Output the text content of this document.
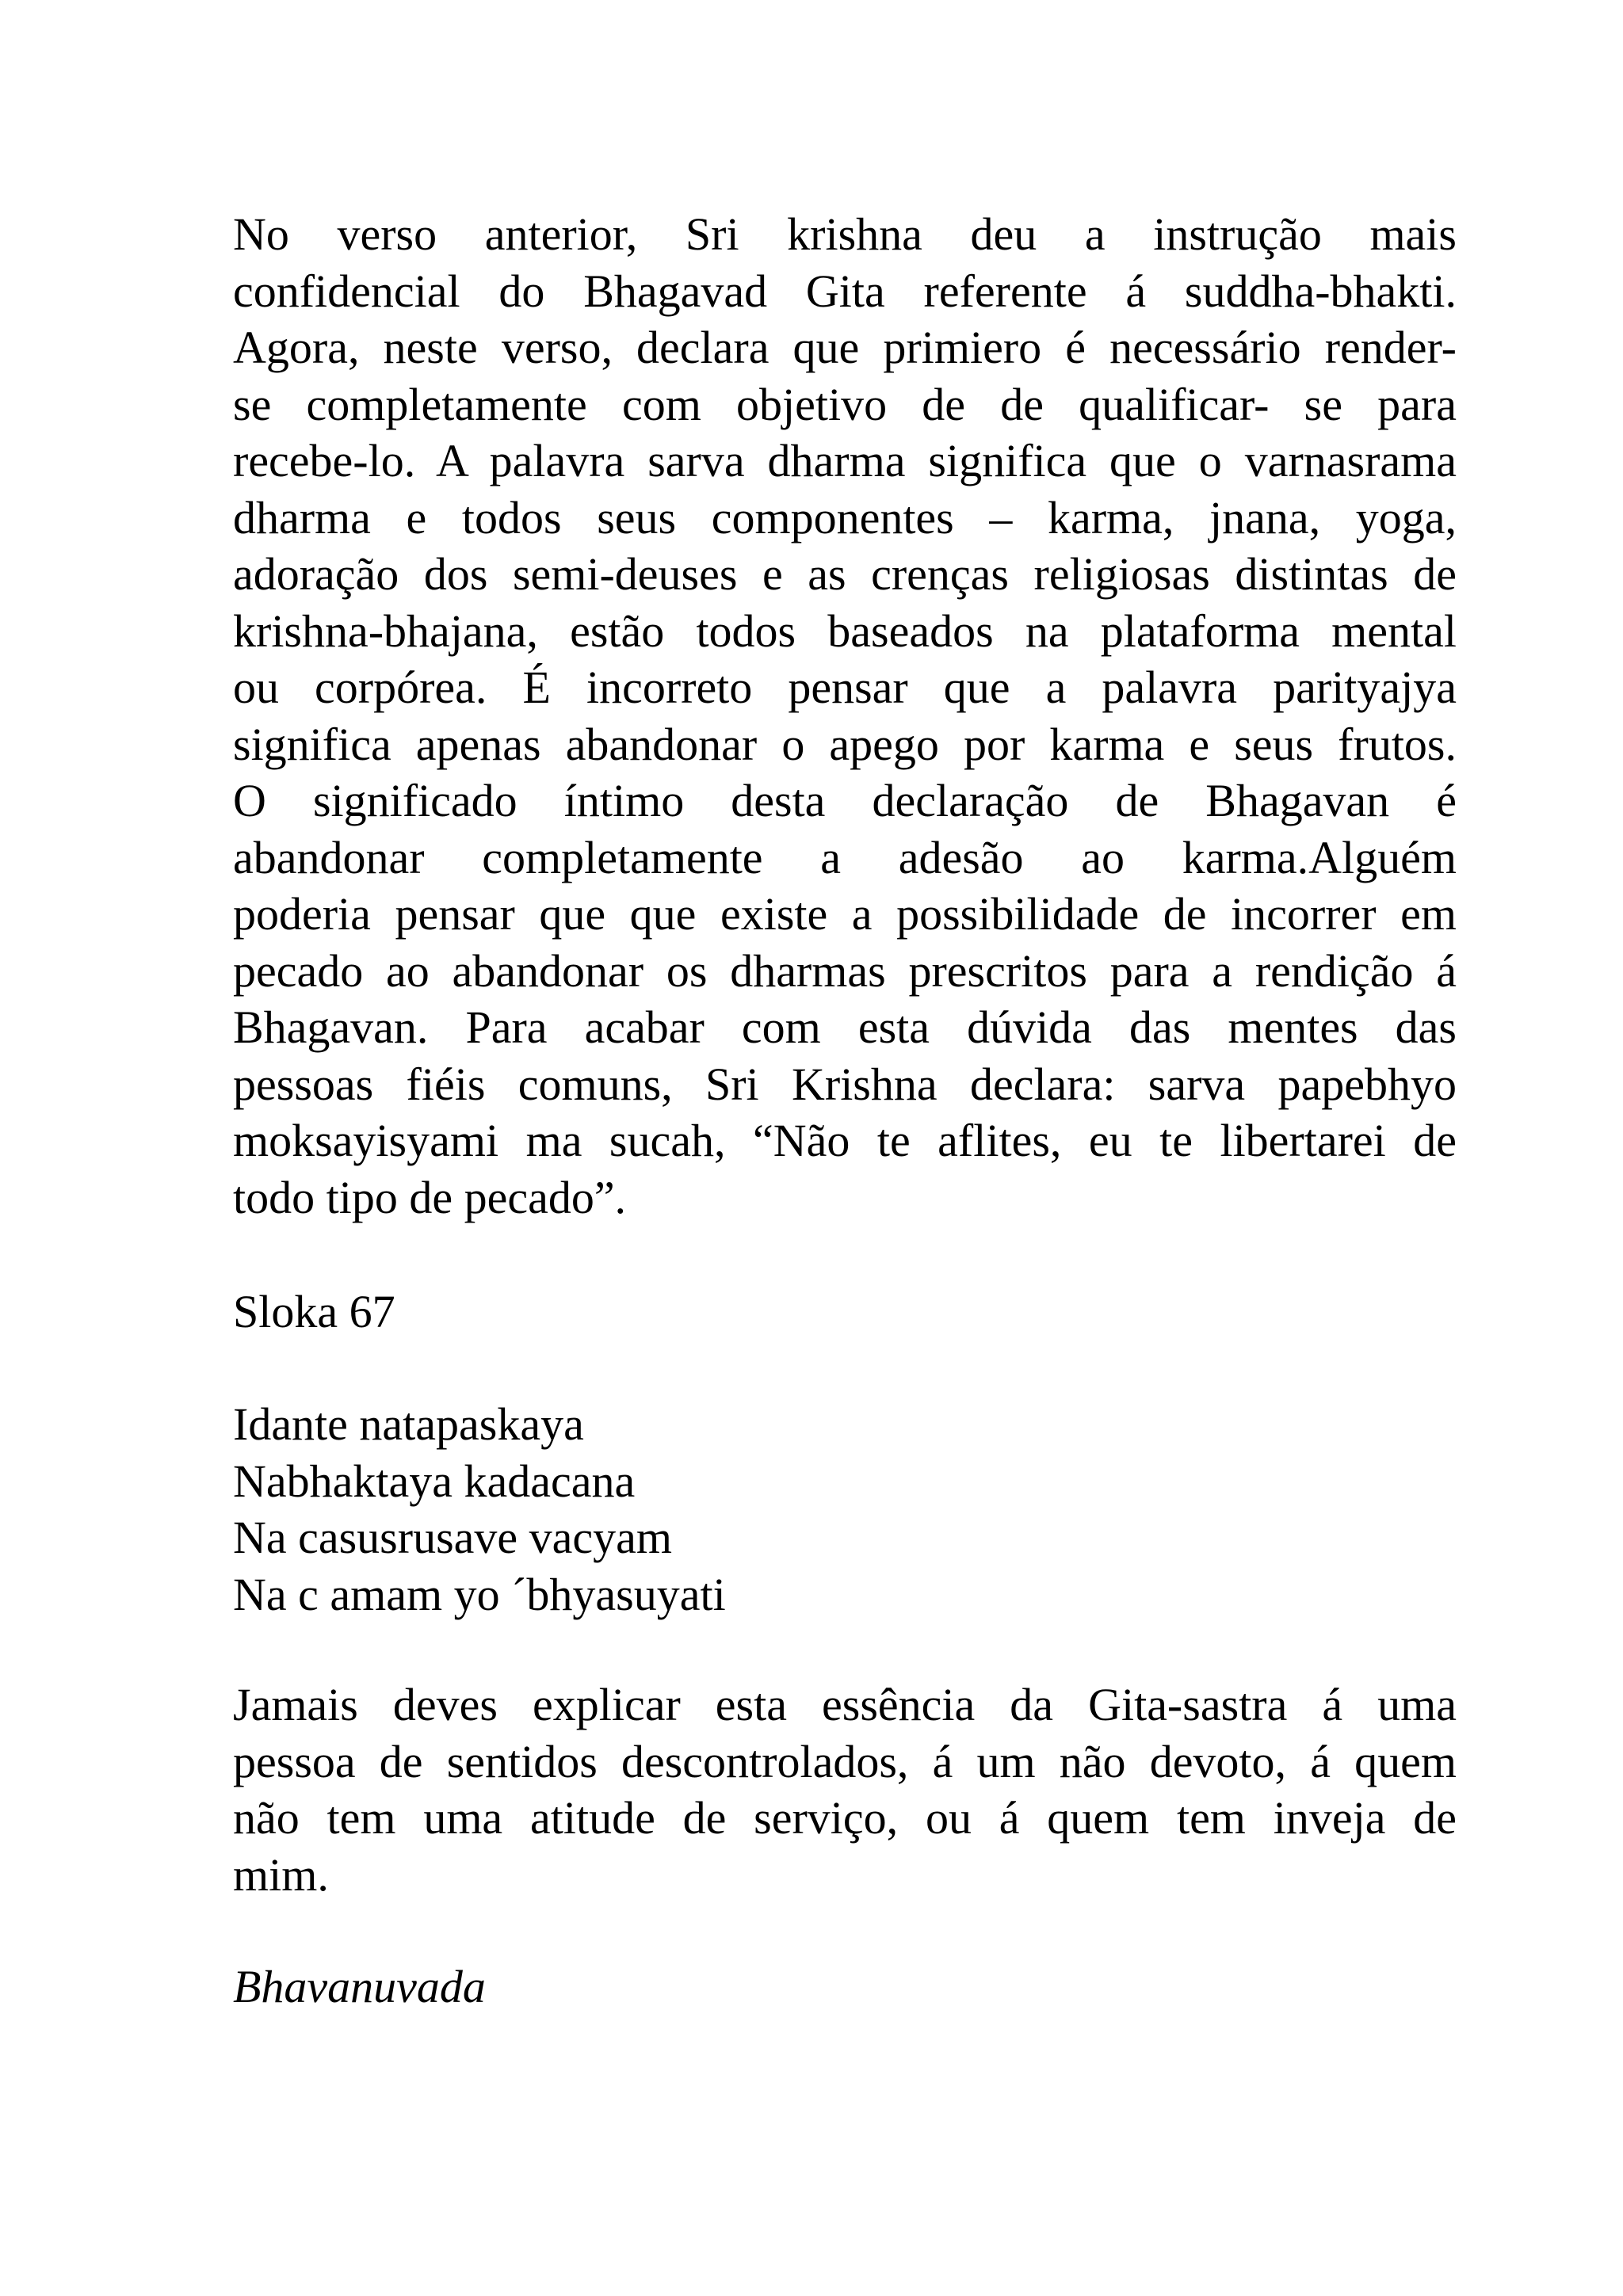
No verso anterior, Sri krishna deu a instrução mais
confidencial do Bhagavad Gita referente á suddha-bhakti.
Agora, neste verso, declara que primiero é necessário render-
se completamente com objetivo de de qualificar- se para
recebe-lo. A palavra sarva dharma significa que o varnasrama
dharma e todos seus componentes – karma, jnana, yoga,
adoração dos semi-deuses e as crenças religiosas distintas de
krishna-bhajana, estão todos baseados na plataforma mental
ou corpórea. É incorreto pensar que a palavra parityajya
significa apenas abandonar o apego por karma e seus frutos.
O significado íntimo desta declaração de Bhagavan é
abandonar completamente a adesão ao karma.Alguém
poderia pensar que que existe a possibilidade de incorrer em
pecado ao abandonar os dharmas prescritos para a rendição á
Bhagavan. Para acabar com esta dúvida das mentes das
pessoas fiéis comuns, Sri Krishna declara: sarva papebhyo
moksayisyami ma sucah, “Não te aflites, eu te libertarei de
todo tipo de pecado”.
Sloka 67
Idante natapaskaya
Nabhaktaya kadacana
Na casusrusave vacyam
Na c amam yo ´bhyasuyati
Jamais deves explicar esta essência da Gita-sastra á uma
pessoa de sentidos descontrolados, á um não devoto, á quem
não tem uma atitude de serviço, ou á quem tem inveja de
mim.
Bhavanuvada
